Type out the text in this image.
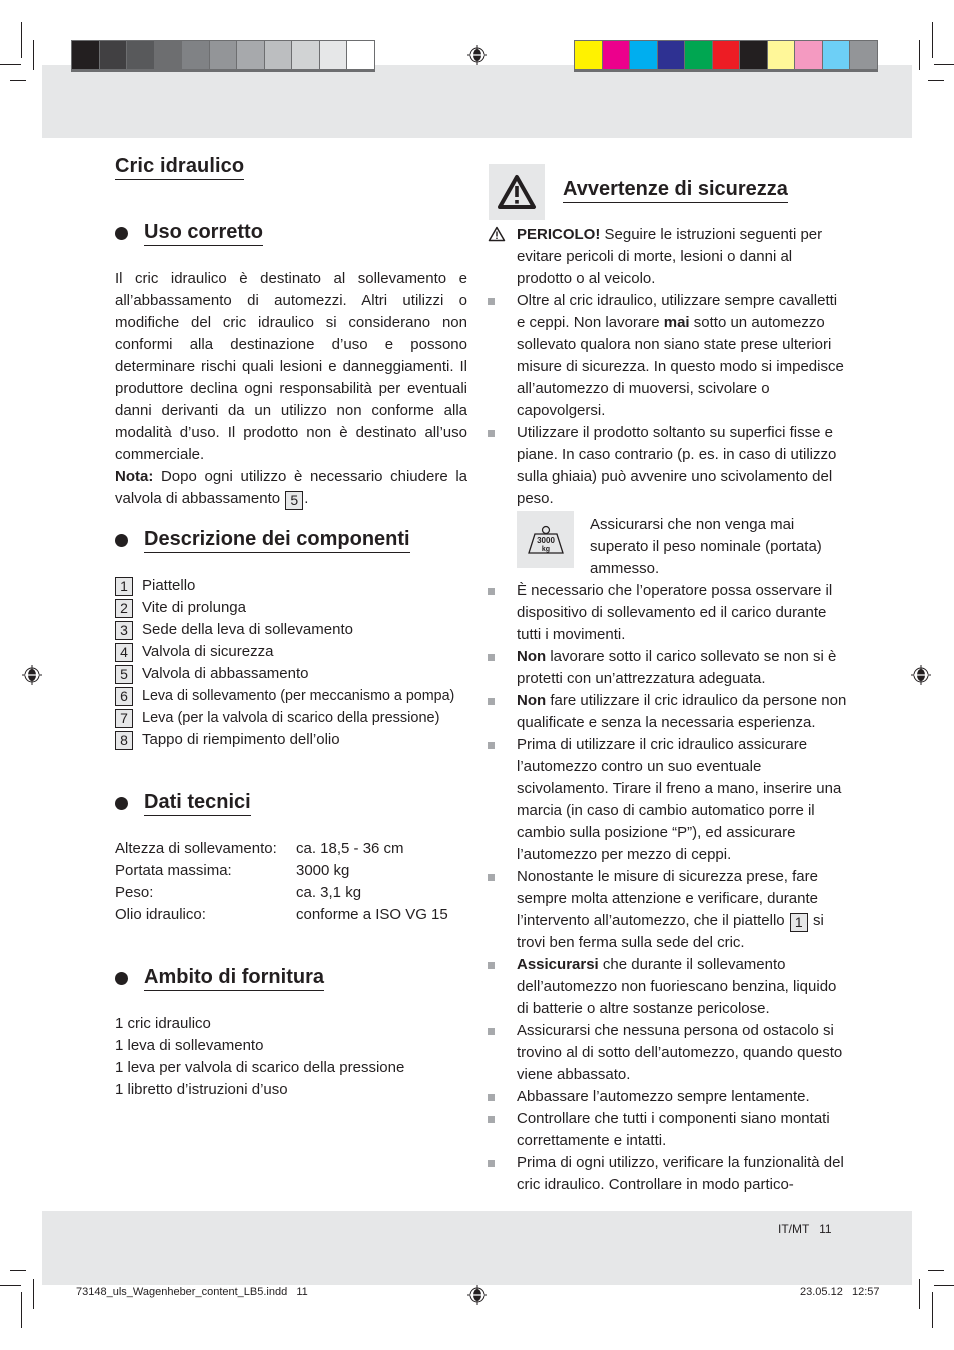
Cric idraulico
Uso corretto
Il cric idraulico è destinato al sollevamento e all’abbassamento di automezzi. Altri utilizzi o modifiche del cric idraulico si considerano non conformi alla destinazione d’uso e possono determinare rischi quali lesioni e danneggiamenti. Il produttore declina ogni responsabilità per eventuali danni derivanti da un utilizzo non conforme alla modalità d’uso. Il prodotto non è destinato all’uso commerciale.
Nota: Dopo ogni utilizzo è necessario chiudere la valvola di abbassamento 5 .
Descrizione dei componenti
1 Piattello
2 Vite di prolunga
3 Sede della leva di sollevamento
4 Valvola di sicurezza
5 Valvola di abbassamento
6 Leva di sollevamento (per meccanismo a pompa)
7 Leva (per la valvola di scarico della pressione)
8 Tappo di riempimento dell’olio
Dati tecnici
Altezza di sollevamento:	ca. 18,5 - 36 cm
Portata massima:	3000 kg
Peso:	ca. 3,1 kg
Olio idraulico:	conforme a ISO VG 15
Ambito di fornitura
1 cric idraulico
1 leva di sollevamento
1 leva per valvola di scarico della pressione
1 libretto d’istruzioni d’uso
Avvertenze di sicurezza
PERICOLO! Seguire le istruzioni seguenti per evitare pericoli di morte, lesioni o danni al prodotto o al veicolo.
Oltre al cric idraulico, utilizzare sempre cavalletti e ceppi. Non lavorare mai sotto un automezzo sollevato qualora non siano state prese ulteriori misure di sicurezza. In questo modo si impedisce all’automezzo di muoversi, scivolare o capovolgersi.
Utilizzare il prodotto soltanto su superfici fisse e piane. In caso contrario (p. es. in caso di utilizzo sulla ghiaia) può avvenire uno scivolamento del peso.
3000
kg
Assicurarsi che non venga mai superato il peso nominale (portata) ammesso.
È necessario che l’operatore possa osservare il dispositivo di sollevamento ed il carico durante tutti i movimenti.
Non lavorare sotto il carico sollevato se non si è protetti con un’attrezzatura adeguata.
Non fare utilizzare il cric idraulico da persone non qualificate e senza la necessaria esperienza.
Prima di utilizzare il cric idraulico assicurare l’automezzo contro un suo eventuale scivolamento. Tirare il freno a mano, inserire una marcia (in caso di cambio automatico porre il cambio sulla posizione “P”), ed assicurare l’automezzo per mezzo di ceppi.
Nonostante le misure di sicurezza prese, fare sempre molta attenzione e verificare, durante l’intervento all’automezzo, che il piattello 1 si trovi ben ferma sulla sede del cric.
Assicurarsi che durante il sollevamento dell’automezzo non fuoriescano benzina, liquido di batterie o altre sostanze pericolose.
Assicurarsi che nessuna persona od ostacolo si trovino al di sotto dell’automezzo, quando questo viene abbassato.
Abbassare l’automezzo sempre lentamente.
Controllare che tutti i componenti siano montati correttamente e intatti.
Prima di ogni utilizzo, verificare la funzionalità del cric idraulico. Controllare in modo partico-
IT/MT   11
73148_uls_Wagenheber_content_LB5.indd   11	23.05.12   12:57
